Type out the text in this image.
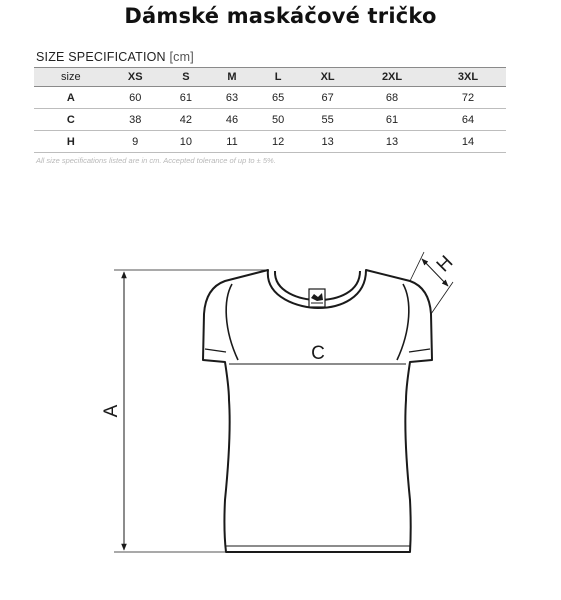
Dámské maskáčové tričko
SIZE SPECIFICATION [cm]
size	XS	S	M	L	XL	2XL	3XL
A	60	61	63	65	67	68	72
C	38	42	46	50	55	61	64
H	9	10	11	12	13	13	14
All size specifications listed are in cm. Accepted tolerance of up to ± 5%.
C
A
H
